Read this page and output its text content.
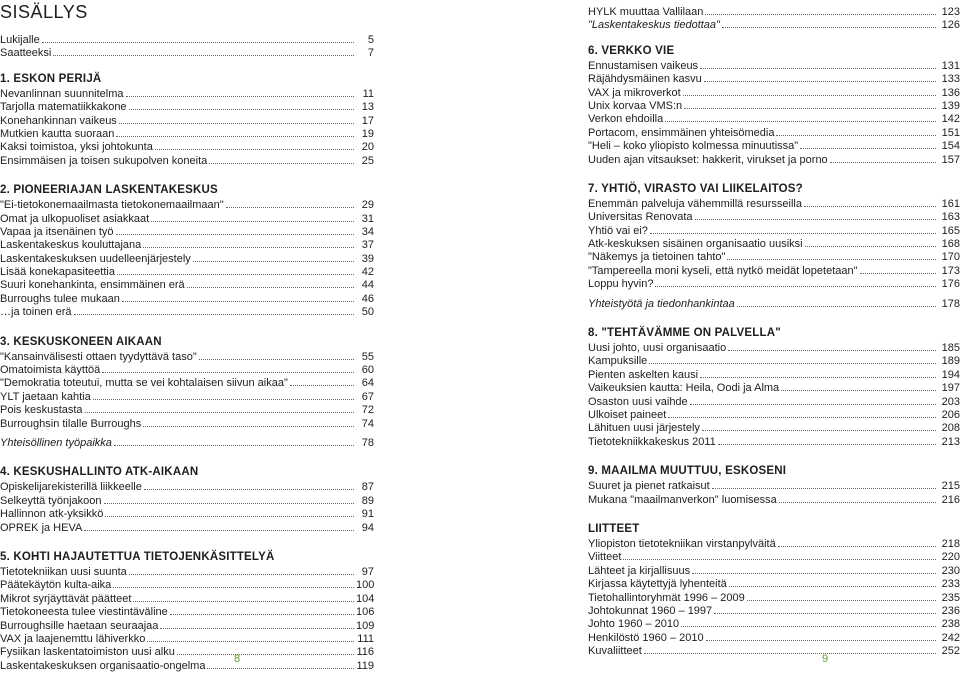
SISÄLLYS
Lukijalle	5
Saatteeksi	7
1. ESKON PERIJÄ
Nevanlinnan suunnitelma	11
Tarjolla matematiikkakone	13
Konehankinnan vaikeus	17
Mutkien kautta suoraan	19
Kaksi toimistoa, yksi johtokunta	20
Ensimmäisen ja toisen sukupolven koneita	25
2. PIONEERIAJAN LASKENTAKESKUS
"Ei-tietokonemaailmasta tietokonemaailmaan"	29
Omat ja ulkopuoliset asiakkaat	31
Vapaa ja itsenäinen työ	34
Laskentakeskus kouluttajana	37
Laskentakeskuksen uudelleenjärjestely	39
Lisää konekapasiteettia	42
Suuri konehankinta, ensimmäinen erä	44
Burroughs tulee mukaan	46
…ja toinen erä	50
3. KESKUSKONEEN AIKAAN
"Kansainvälisesti ottaen tyydyttävä taso"	55
Omatoimista käyttöä	60
"Demokratia toteutui, mutta se vei kohtalaisen siivun aikaa"	64
YLT jaetaan kahtia	67
Pois keskustasta	72
Burroughsin tilalle Burroughs	74
Yhteisöllinen työpaikka	78
4. KESKUSHALLINTO ATK-AIKAAN
Opiskelijarekisterillä liikkeelle	87
Selkeyttä työnjakoon	89
Hallinnon atk-yksikkö	91
OPREK ja HEVA	94
5. KOHTI HAJAUTETTUA TIETOJENKÄSITTELYÄ
Tietotekniikan uusi suunta	97
Päätekäytön kulta-aika	100
Mikrot syrjäyttävät päätteet	104
Tietokoneesta tulee viestintäväline	106
Burroughsille haetaan seuraajaa	109
VAX ja laajenemttu lähiverkko	111
Fysiikan laskentatoimiston uusi alku	116
Laskentakeskuksen organisaatio-ongelma	119
HYLK muuttaa Vallilaan	123
"Laskentakeskus tiedottaa"	126
6. VERKKO VIE
Ennustamisen vaikeus	131
Räjähdysmäinen kasvu	133
VAX ja mikroverkot	136
Unix korvaa VMS:n	139
Verkon ehdoilla	142
Portacom, ensimmäinen yhteisömedia	151
"Heli – koko yliopisto kolmessa minuutissa"	154
Uuden ajan vitsaukset: hakkerit, virukset ja porno	157
7. YHTIÖ, VIRASTO VAI LIIKELAITOS?
Enemmän palveluja vähemmillä resursseilla	161
Universitas Renovata	163
Yhtiö vai ei?	165
Atk-keskuksen sisäinen organisaatio uusiksi	168
"Näkemys ja tietoinen tahto"	170
"Tampereella moni kyseli, että nytkö meidät lopetetaan"	173
Loppu hyvin?	176
Yhteistyötä ja tiedonhankintaa	178
8. "TEHTÄVÄMME ON PALVELLA"
Uusi johto, uusi organisaatio	185
Kampuksille	189
Pienten askelten kausi	194
Vaikeuksien kautta: Heila, Oodi ja Alma	197
Osaston uusi vaihde	203
Ulkoiset paineet	206
Lähituen uusi järjestely	208
Tietotekniikkakeskus 2011	213
9. MAAILMA MUUTTUU, ESKOSENI
Suuret ja pienet ratkaisut	215
Mukana "maailmanverkon" luomisessa	216
LIITTEET
Yliopiston tietotekniikan virstanpylväitä	218
Viitteet	220
Lähteet ja kirjallisuus	230
Kirjassa käytettyjä lyhenteitä	233
Tietohallintoryhmät 1996 – 2009	235
Johtokunnat 1960 – 1997	236
Johto 1960 – 2010	238
Henkilöstö 1960 – 2010	242
Kuvaliitteet	252
8	9
